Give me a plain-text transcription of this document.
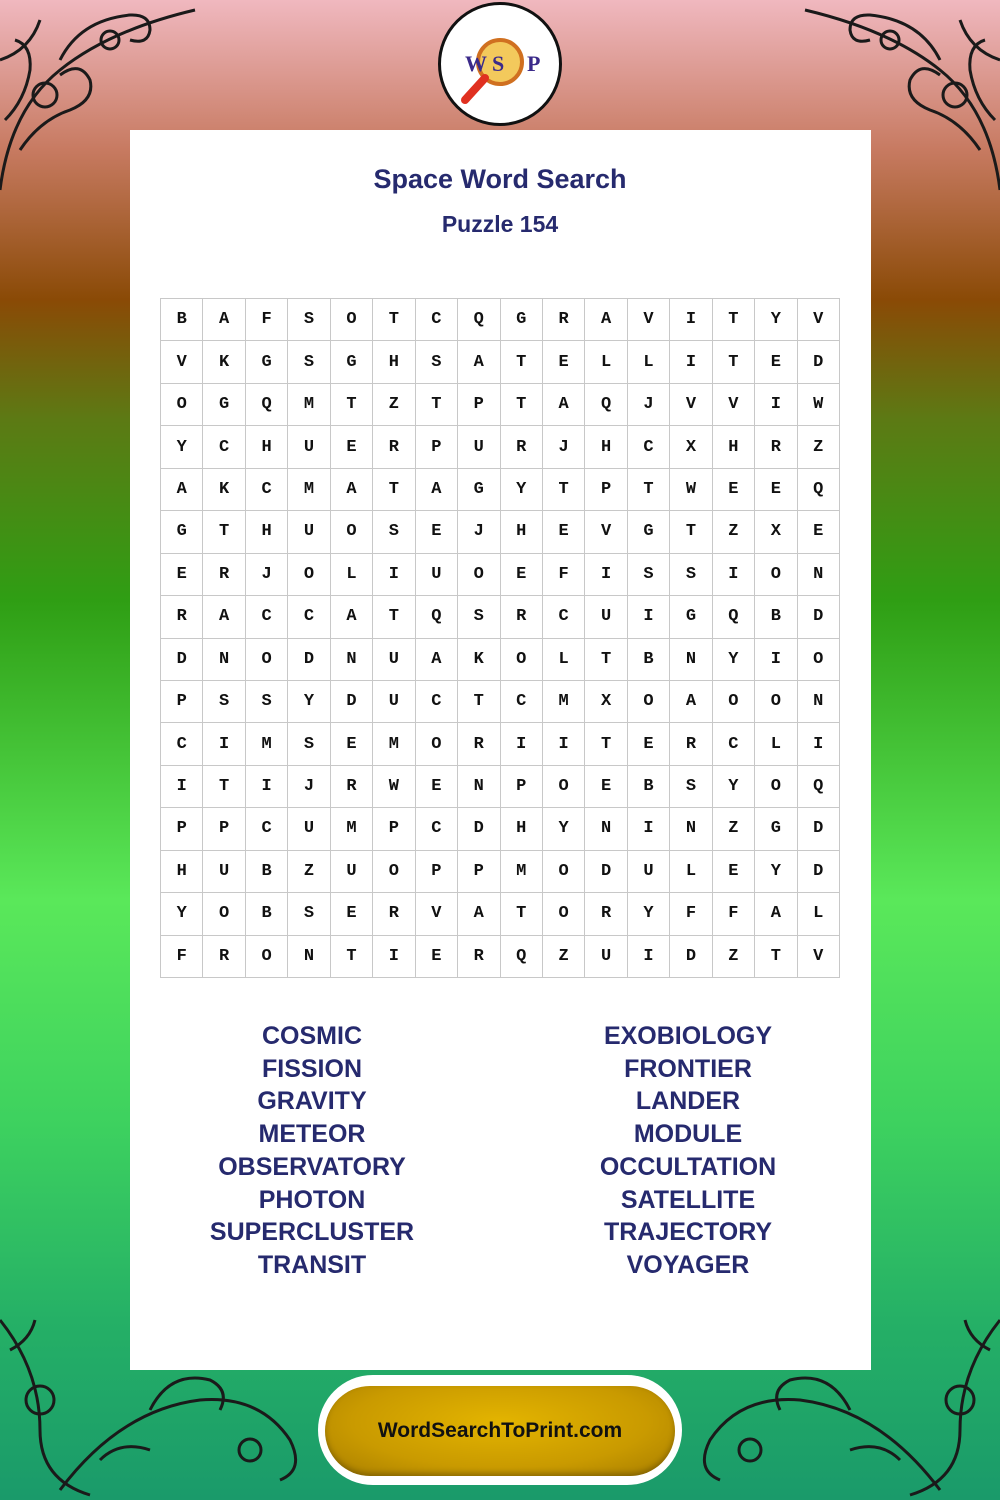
W S P
Space Word Search
Puzzle 154
B	A	F	S	O	T	C	Q	G	R	A	V	I	T	Y	V
V	K	G	S	G	H	S	A	T	E	L	L	I	T	E	D
O	G	Q	M	T	Z	T	P	T	A	Q	J	V	V	I	W
Y	C	H	U	E	R	P	U	R	J	H	C	X	H	R	Z
A	K	C	M	A	T	A	G	Y	T	P	T	W	E	E	Q
G	T	H	U	O	S	E	J	H	E	V	G	T	Z	X	E
E	R	J	O	L	I	U	O	E	F	I	S	S	I	O	N
R	A	C	C	A	T	Q	S	R	C	U	I	G	Q	B	D
D	N	O	D	N	U	A	K	O	L	T	B	N	Y	I	O
P	S	S	Y	D	U	C	T	C	M	X	O	A	O	O	N
C	I	M	S	E	M	O	R	I	I	T	E	R	C	L	I
I	T	I	J	R	W	E	N	P	O	E	B	S	Y	O	Q
P	P	C	U	M	P	C	D	H	Y	N	I	N	Z	G	D
H	U	B	Z	U	O	P	P	M	O	D	U	L	E	Y	D
Y	O	B	S	E	R	V	A	T	O	R	Y	F	F	A	L
F	R	O	N	T	I	E	R	Q	Z	U	I	D	Z	T	V
COSMIC
FISSION
GRAVITY
METEOR
OBSERVATORY
PHOTON
SUPERCLUSTER
TRANSIT
EXOBIOLOGY
FRONTIER
LANDER
MODULE
OCCULTATION
SATELLITE
TRAJECTORY
VOYAGER
WordSearchToPrint.com
